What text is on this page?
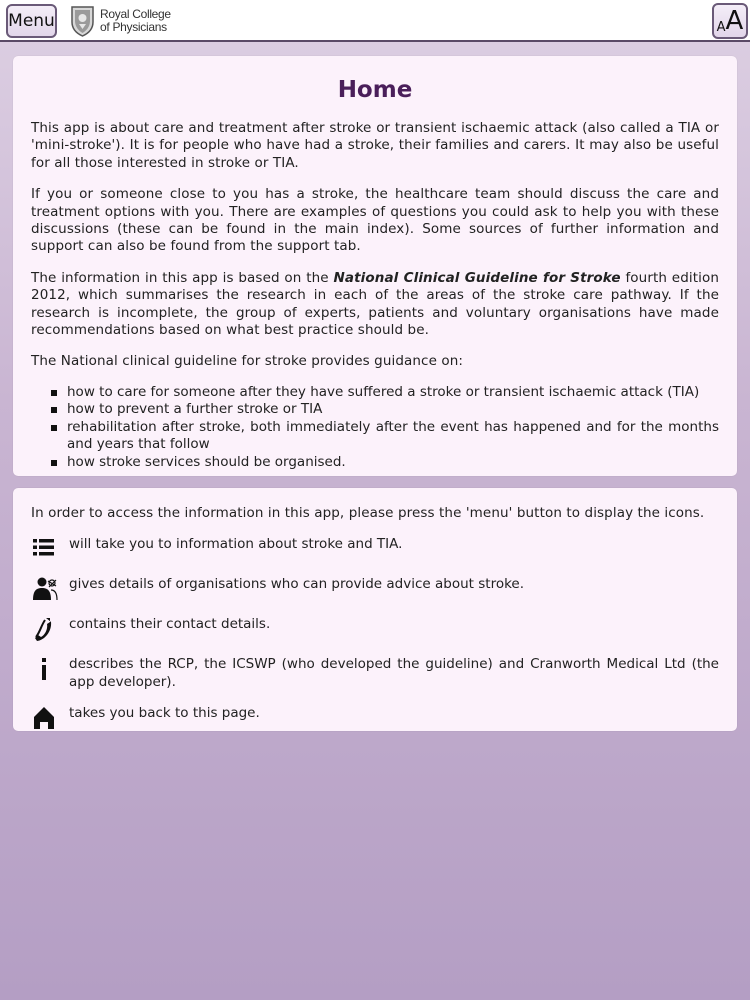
Menu	Royal College
of Physicians	A A
Home

This app is about care and treatment after stroke or transient ischaemic attack (also called a TIA or 'mini-stroke'). It is for people who have had a stroke, their families and carers. It may also be useful for all those interested in stroke or TIA.

If you or someone close to you has a stroke, the healthcare team should discuss the care and treatment options with you. There are examples of questions you could ask to help you with these discussions (these can be found in the main index). Some sources of further information and support can also be found from the support tab.

The information in this app is based on the National Clinical Guideline for Stroke fourth edition 2012, which summarises the research in each of the areas of the stroke care pathway. If the research is incomplete, the group of experts, patients and voluntary organisations have made recommendations based on what best practice should be.

The National clinical guideline for stroke provides guidance on:

how to care for someone after they have suffered a stroke or transient ischaemic attack (TIA)
how to prevent a further stroke or TIA
rehabilitation after stroke, both immediately after the event has happened and for the months and years that follow
how stroke services should be organised.

In order to access the information in this app, please press the 'menu' button to display the icons.

will take you to information about stroke and TIA.
gives details of organisations who can provide advice about stroke.
contains their contact details.
describes the RCP, the ICSWP (who developed the guideline) and Cranworth Medical Ltd (the app developer).
takes you back to this page.
